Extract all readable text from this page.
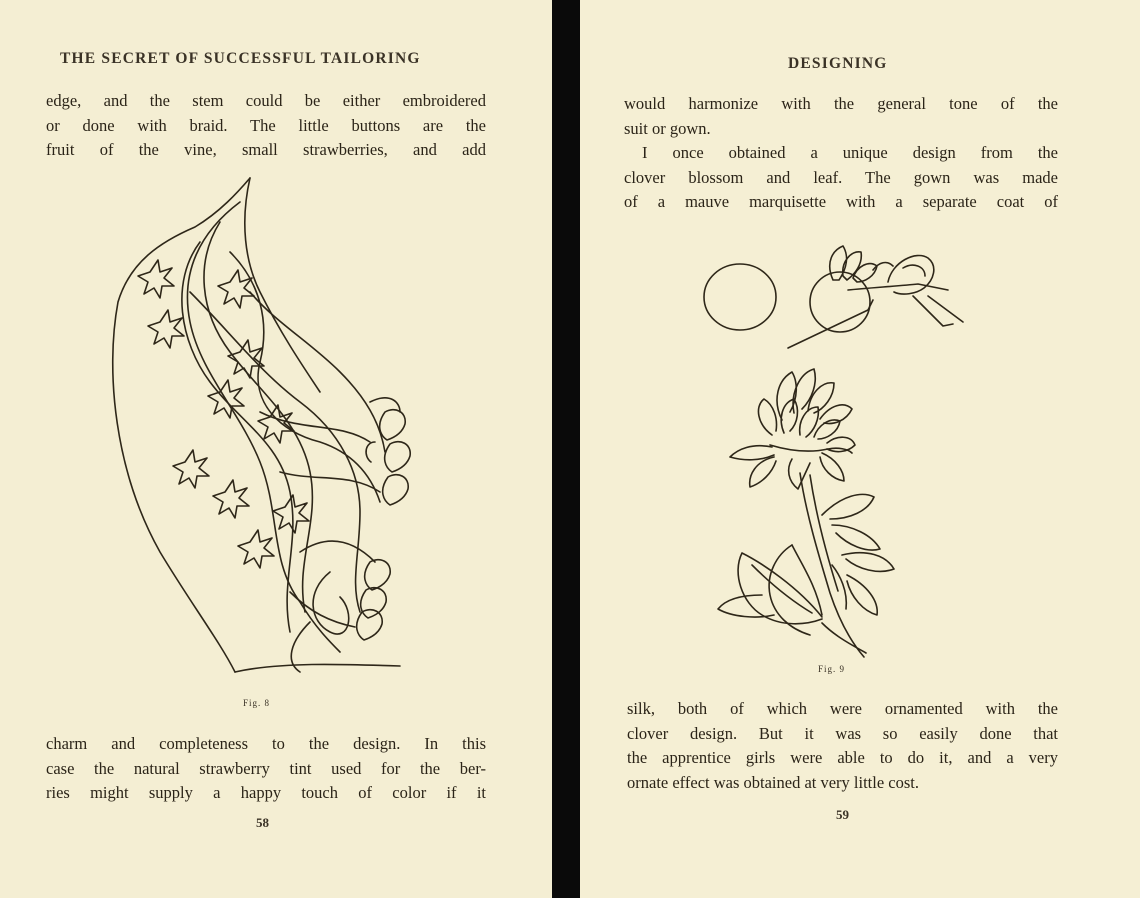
THE SECRET OF SUCCESSFUL TAILORING
edge, and the stem could be either embroidered
or done with braid. The little buttons are the
fruit of the vine, small strawberries, and add
Fig. 8
charm and completeness to the design. In this
case the natural strawberry tint used for the ber-
ries might supply a happy touch of color if it
58
DESIGNING
would harmonize with the general tone of the
suit or gown.
I once obtained a unique design from the
clover blossom and leaf. The gown was made
of a mauve marquisette with a separate coat of
Fig. 9
silk, both of which were ornamented with the
clover design. But it was so easily done that
the apprentice girls were able to do it, and a very
ornate effect was obtained at very little cost.
59
